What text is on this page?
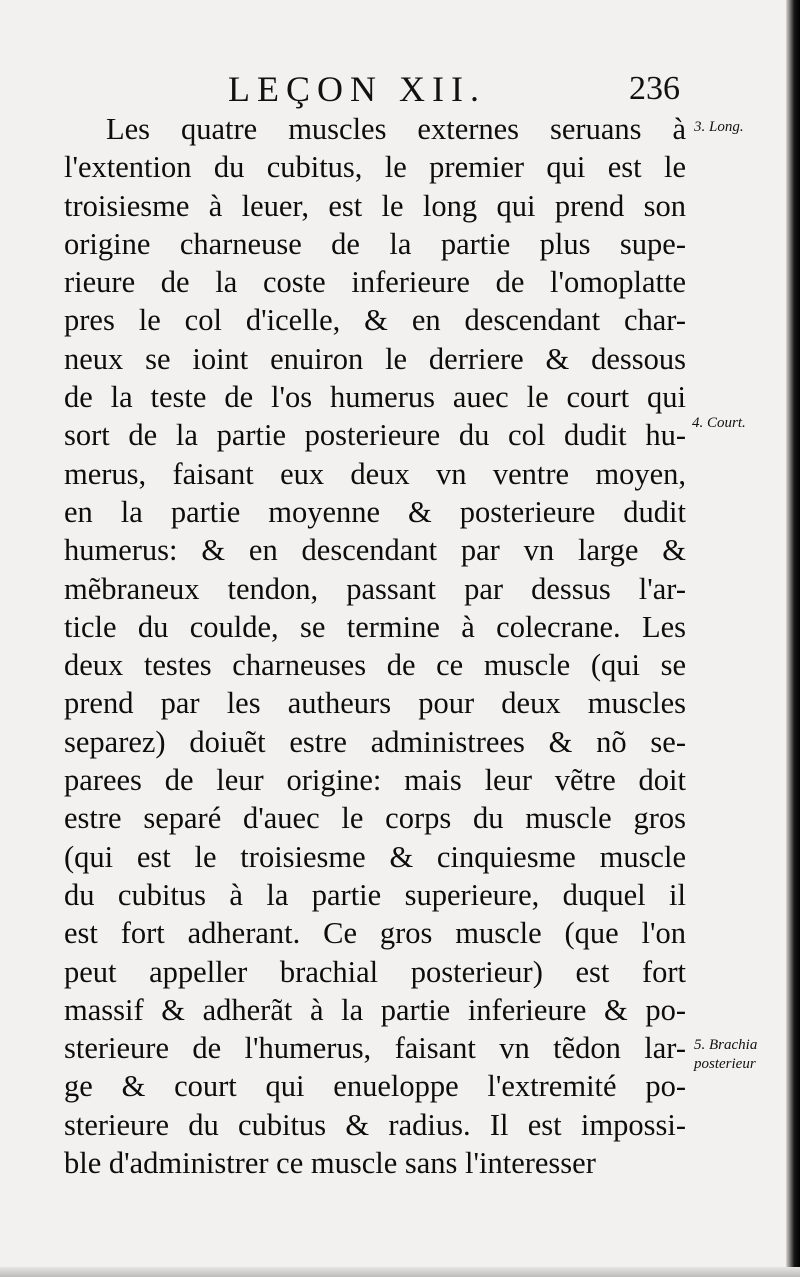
LEÇON XII.	236
Les quatre muscles externes seruans à
l'extention du cubitus, le premier qui est le
troisiesme à leuer, est le long qui prend son
origine charneuse de la partie plus supe-
rieure de la coste inferieure de l'omoplatte
pres le col d'icelle, & en descendant char-
neux se ioint enuiron le derriere & dessous
de la teste de l'os humerus auec le court qui
sort de la partie posterieure du col dudit hu-
merus, faisant eux deux vn ventre moyen,
en la partie moyenne & posterieure dudit
humerus: & en descendant par vn large &
mẽbraneux tendon, passant par dessus l'ar-
ticle du coulde, se termine à colecrane. Les
deux testes charneuses de ce muscle (qui se
prend par les autheurs pour deux muscles
separez) doiuẽt estre administrees & nõ se-
parees de leur origine: mais leur vẽtre doit
estre separé d'auec le corps du muscle gros
(qui est le troisiesme & cinquiesme muscle
du cubitus à la partie superieure, duquel il
est fort adherant. Ce gros muscle (que l'on
peut appeller brachial posterieur) est fort
massif & adherãt à la partie inferieure & po-
sterieure de l'humerus, faisant vn tẽdon lar-
ge & court qui enueloppe l'extremité po-
sterieure du cubitus & radius. Il est impossi-
ble d'administrer ce muscle sans l'interesser
3. Long.
4. Court.
5. Brachia
posterieur
